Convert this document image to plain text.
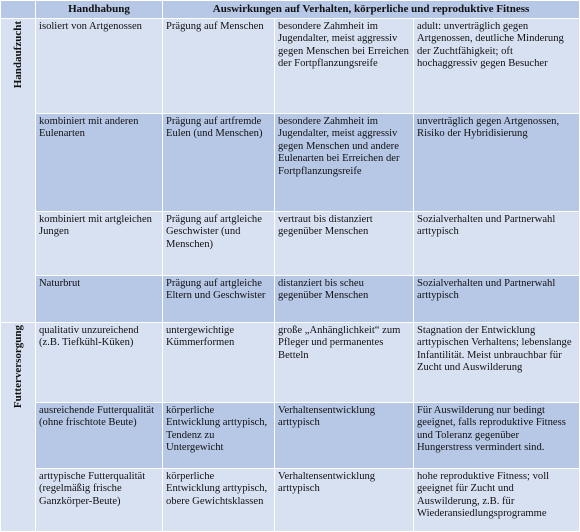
	Handhabung	Auswirkungen auf Verhalten, körperliche und reproduktive Fitness		
Handaufzucht	isoliert von Artgenossen	Prägung auf Menschen	besondere Zahmheit im Jugendalter, meist aggressiv gegen Menschen bei Erreichen der Fortpflanzungsreife	adult: unverträglich gegen Artgenossen, deutliche Minderung der Zuchtfähigkeit; oft hochaggressiv gegen Besucher
	kombiniert mit anderen Eulenarten	Prägung auf artfremde Eulen (und Menschen)	besondere Zahmheit im Jugendalter, meist aggressiv gegen Menschen und andere Eulenarten bei Erreichen der Fortpflanzungsreife	unverträglich gegen Artgenossen, Risiko der Hybridisierung
	kombiniert mit artgleichen Jungen	Prägung auf artgleiche Geschwister (und Menschen)	vertraut bis distanziert gegenüber Menschen	Sozialverhalten und Partnerwahl arttypisch
	Naturbrut	Prägung auf artgleiche Eltern und Geschwister	distanziert bis scheu gegenüber Menschen	Sozialverhalten und Partnerwahl arttypisch
Futterversorgung	qualitativ unzureichend (z.B. Tiefkühl-Küken)	untergewichtige Kümmerformen	große „Anhänglichkeit“ zum Pfleger und permanentes Betteln	Stagnation der Entwicklung arttypischen Verhaltens; lebenslange Infantilität. Meist unbrauchbar für Zucht und Auswilderung
	ausreichende Futterqualität (ohne frischtote Beute)	körperliche Entwicklung arttypisch, Tendenz zu Untergewicht	Verhaltensentwicklung arttypisch	Für Auswilderung nur bedingt geeignet, falls reproduktive Fitness und Toleranz gegenüber Hungerstress vermindert sind.
	arttypische Futterqualität (regelmäßig frische Ganzkörper-Beute)	körperliche Entwicklung arttypisch, obere Gewichtsklassen	Verhaltensentwicklung arttypisch	hohe reproduktive Fitness; voll geeignet für Zucht und Auswilderung, z.B. für Wiederansiedlungsprogramme
